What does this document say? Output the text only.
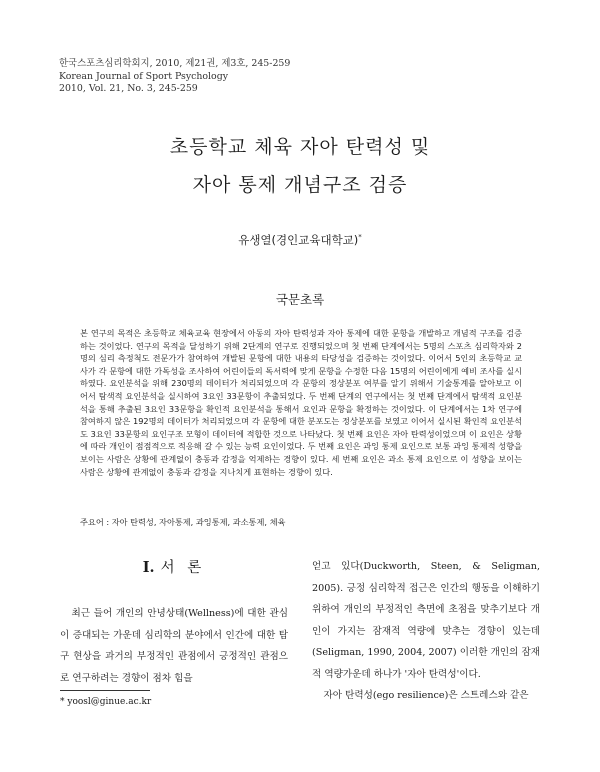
한국스포츠심리학회지, 2010, 제21권, 제3호, 245-259
Korean Journal of Sport Psychology
2010, Vol. 21, No. 3, 245-259
초등학교 체육 자아 탄력성 및
자아 통제 개념구조 검증
유생열(경인교육대학교)*
국문초록
본 연구의 목적은 초등학교 체육교육 현장에서 아동의 자아 탄력성과 자아 통제에 대한 문항을 개발하고 개념적 구조를 검증하는 것이었다. 연구의 목적을 달성하기 위해 2단계의 연구로 진행되었으며 첫 번째 단계에서는 5명의 스포츠 심리학자와 2명의 심리 측정척도 전문가가 참여하여 개발된 문항에 대한 내용의 타당성을 검증하는 것이었다. 이어서 5인의 초등학교 교사가 각 문항에 대한 가독성을 조사하여 어린이들의 독서력에 맞게 문항을 수정한 다음 15명의 어린이에게 예비 조사를 실시하였다. 요인분석을 위해 230명의 데이터가 처리되었으며 각 문항의 정상분포 여부를 알기 위해서 기술통계를 알아보고 이어서 탐색적 요인분석을 실시하여 3요인 33문항이 추출되었다. 두 번째 단계의 연구에서는 첫 번째 단계에서 탐색적 요인분석을 통해 추출된 3요인 33문항을 확인적 요인분석을 통해서 요인과 문항을 확정하는 것이었다. 이 단계에서는 1차 연구에 참여하지 않은 192명의 데이터가 처리되었으며 각 문항에 대한 분포도는 정상분포를 보였고 이어서 실시된 확인적 요인분석도 3요인 33문항의 요인구조 모형이 데이터에 적합한 것으로 나타났다. 첫 번째 요인은 자아 탄력성이었으며 이 요인은 상황에 따라 개인이 점점적으로 적응해 갈 수 있는 능력 요인이었다. 두 번째 요인은 과잉 통제 요인으로 보통 과잉 통제적 성향을 보이는 사람은 상황에 관계없이 충동과 감정을 억제하는 경향이 있다. 세 번째 요인은 과소 통제 요인으로 이 성향을 보이는 사람은 상황에 관계없이 충동과 감정을 지나치게 표현하는 경향이 있다.
주요어 : 자아 탄력성, 자아통제, 과잉통제, 과소통제, 체육
I. 서 론
최근 들어 개인의 안녕상태(Wellness)에 대한 관심이 증대되는 가운데 심리학의 분야에서 인간에 대한 탐구 현상을 과거의 부정적인 관점에서 긍정적인 관점으로 연구하려는 경향이 점차 힘을
얻고 있다(Duckworth, Steen, & Seligman, 2005). 긍정 심리학적 접근은 인간의 행동을 이해하기 위하여 개인의 부정적인 측면에 초점을 맞추기보다 개인이 가지는 잠재적 역량에 맞추는 경향이 있는데(Seligman, 1990, 2004, 2007) 이러한 개인의 잠재적 역량가운데 하나가 '자아 탄력성'이다.
자아 탄력성(ego resilience)은 스트레스와 같은
* yoosl@ginue.ac.kr
